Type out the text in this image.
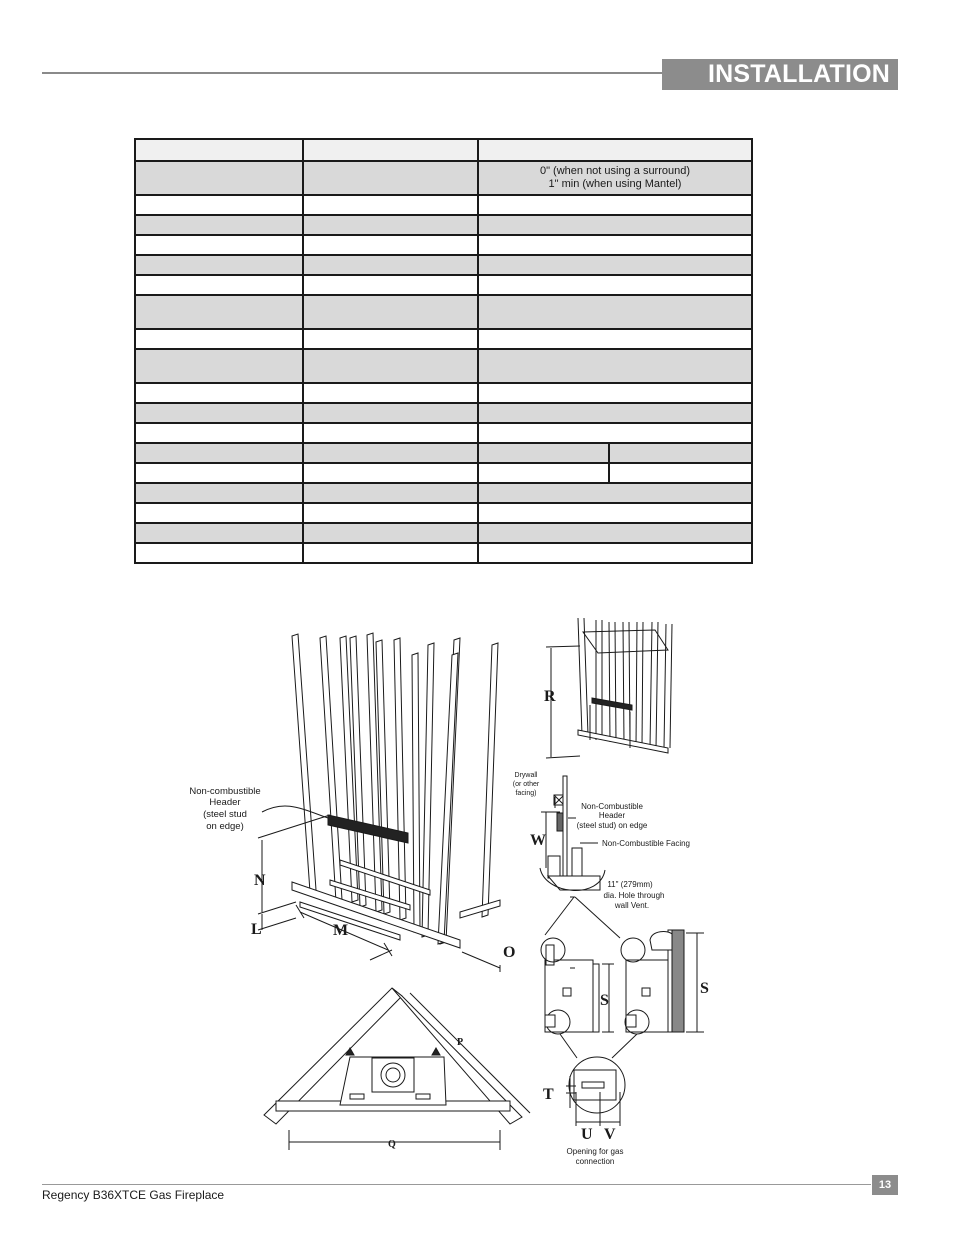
INSTALLATION

		0" (when not using a surround)
1" min (when using Mantel)	

R
N
L	M
O
W
S
S
T
U V
P
Q
Non-combustible
Header
(steel stud
on edge)
Drywall
(or other
facing)
Non-Combustible
Header
(steel stud) on edge
Non-Combustible Facing
11" (279mm)
dia. Hole through
wall Vent.
Opening for gas
connection
Regency B36XTCE Gas Fireplace
13
